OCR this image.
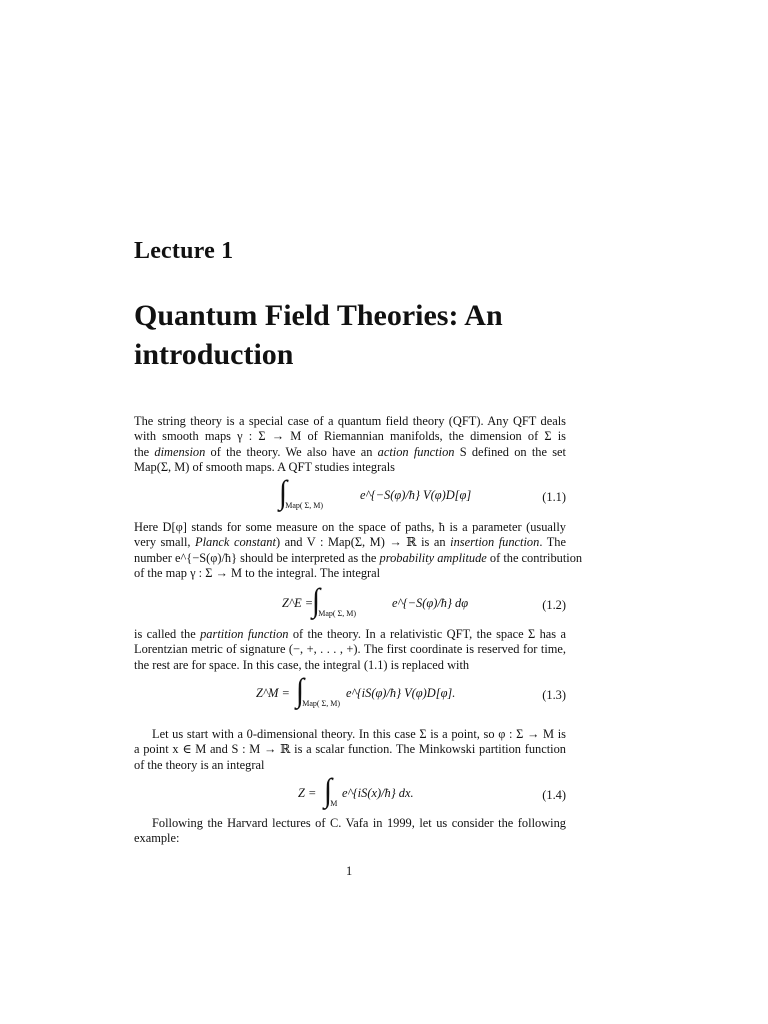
Lecture 1
Quantum Field Theories: An
introduction
The string theory is a special case of a quantum field theory (QFT). Any QFT deals
with smooth maps γ : Σ → M of Riemannian manifolds, the dimension of Σ is
the dimension of the theory. We also have an action function S defined on the set
Map(Σ, M) of smooth maps. A QFT studies integrals
$\int_{Map( \Sigma, M)}$
e^{−S(φ)/ħ} V(φ)D[φ]	(1.1)
Here D[φ] stands for some measure on the space of paths, ħ is a parameter (usually
very small, Planck constant) and V : Map(Σ, M) → ℝ is an insertion function. The
number e^{−S(φ)/ħ} should be interpreted as the probability amplitude of the contribution
of the map γ : Σ → M to the integral. The integral
Z^E =
$\int_{Map( \Sigma, M)}$
e^{−S(φ)/ħ} dφ	(1.2)
is called the partition function of the theory. In a relativistic QFT, the space Σ has a
Lorentzian metric of signature (−, +, . . . , +). The first coordinate is reserved for time,
the rest are for space. In this case, the integral (1.1) is replaced with
Z^M = $\int_{Map( \Sigma, M)}$
e^{iS(φ)/ħ} V(φ)D[φ].	(1.3)
Let us start with a 0-dimensional theory. In this case Σ is a point, so φ : Σ → M is
a point x ∈ M and S : M → ℝ is a scalar function. The Minkowski partition function
of the theory is an integral
$Z = \int_M$
e^{iS(x)/ħ} dx.	(1.4)
Following the Harvard lectures of C. Vafa in 1999, let us consider the following
example:
1
